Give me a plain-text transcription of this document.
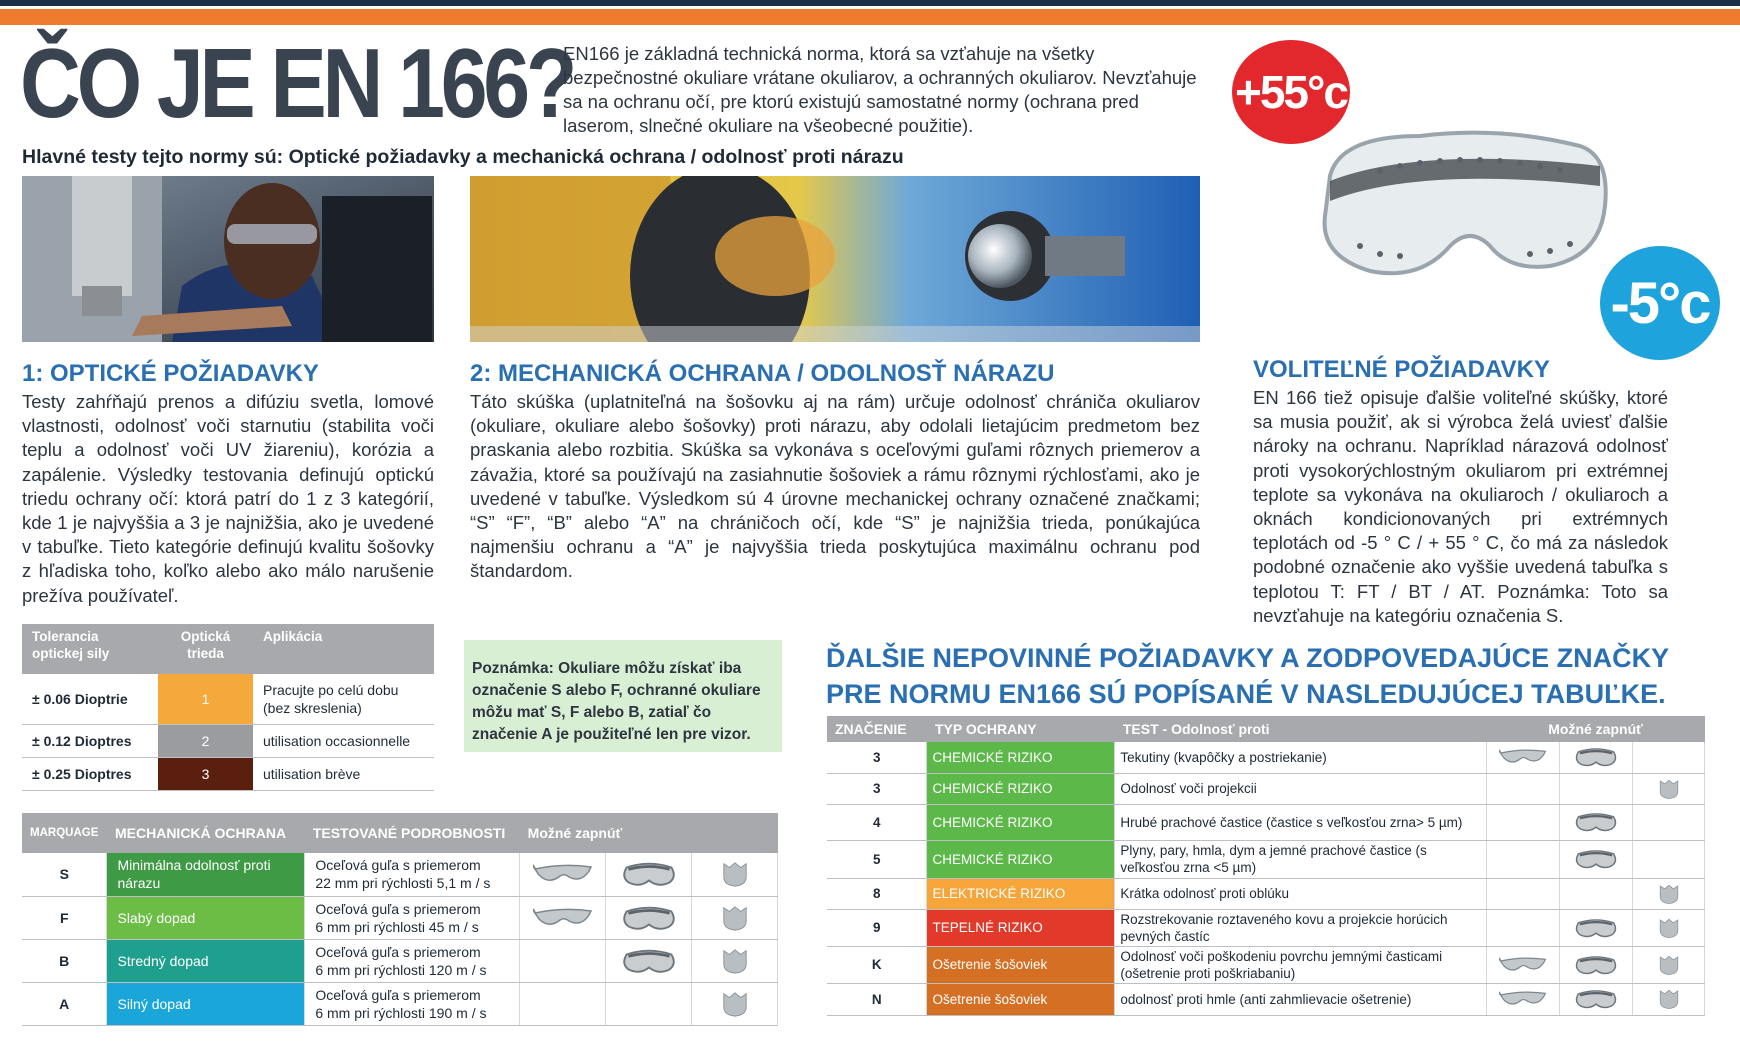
ČO JE EN 166?
EN166 je základná technická norma, ktorá sa vzťahuje na všetky bezpečnostné okuliare vrátane okuliarov, a ochranných okuliarov. Nevzťahuje sa na ochranu očí, pre ktorú existujú samostatné normy (ochrana pred laserom, slnečné okuliare na všeobecné použitie).
Hlavné testy tejto normy sú: Optické požiadavky a mechanická ochrana / odolnosť proti nárazu
+55°c
-5°c
1: OPTICKÉ POŽIADAVKY
Testy zahŕňajú prenos a difúziu svetla, lomové vlastnosti, odolnosť voči starnutiu (stabilita voči teplu a odolnosť voči UV žiareniu), korózia a zapálenie. Výsledky testovania definujú optickú triedu ochrany očí: ktorá patrí do 1 z 3 kategórií, kde 1 je najvyššia a 3 je najnižšia, ako je uvedené v tabuľke. Tieto kategórie definujú kvalitu šošovky z hľadiska toho, koľko alebo ako málo narušenie prežíva používateľ.
2: MECHANICKÁ OCHRANA / ODOLNOSŤ NÁRAZU
Táto skúška (uplatniteľná na šošovku aj na rám) určuje odolnosť chrániča okuliarov (okuliare, okuliare alebo šošovky) proti nárazu, aby odolali lietajúcim predmetom bez praskania alebo rozbitia. Skúška sa vykonáva s oceľovými guľami rôznych priemerov a závažia, ktoré sa používajú na zasiahnutie šošoviek a rámu rôznymi rýchlosťami, ako je uvedené v tabuľke. Výsledkom sú 4 úrovne mechanickej ochrany označené značkami; “S” “F”, “B” alebo “A” na chráničoch očí, kde “S” je najnižšia trieda, ponúkajúca najmenšiu ochranu a “A” je najvyššia trieda poskytujúca maximálnu ochranu pod štandardom.
VOLITEĽNÉ POŽIADAVKY
EN 166 tiež opisuje ďalšie voliteľné skúšky, ktoré sa musia použiť, ak si výrobca želá uviesť ďalšie nároky na ochranu. Napríklad nárazová odolnosť proti vysokorýchlostným okuliarom pri extrémnej teplote sa vykonáva na okuliaroch / okuliaroch a oknách kondicionovaných pri extrémnych teplotách od -5 ° C / + 55 ° C, čo má za následok podobné označenie ako vyššie uvedená tabuľka s teplotou T: FT / BT / AT. Poznámka: Toto sa nevzťahuje na kategóriu označenia S.
Tolerancia optickej sily	Optická trieda	Aplikácia
± 0.06 Dioptrie	1	Pracujte po celú dobu (bez skreslenia)
± 0.12 Dioptres	2	utilisation occasionnelle
± 0.25 Dioptres	3	utilisation brève
Poznámka: Okuliare môžu získať iba označenie S alebo F, ochranné okuliare môžu mať S, F alebo B, zatiaľ čo značenie A je použiteľné len pre vizor.
MARQUAGE	MECHANICKÁ OCHRANA	TESTOVANÉ PODROBNOSTI	Možné zapnúť		
S	Minimálna odolnosť proti nárazu	Oceľová guľa s priemerom
22 mm pri rýchlosti 5,1 m / s

F	Slabý dopad	Oceľová guľa s priemerom
6 mm pri rýchlosti 45 m / s

B	Stredný dopad	Oceľová guľa s priemerom
6 mm pri rýchlosti 120 m / s

A	Silný dopad	Oceľová guľa s priemerom
6 mm pri rýchlosti 190 m / s

ĎALŠIE NEPOVINNÉ POŽIADAVKY A ZODPOVEDAJÚCE ZNAČKY PRE NORMU EN166 SÚ POPÍSANÉ V NASLEDUJÚCEJ TABUĽKE.
ZNAČENIE	TYP OCHRANY	TEST - Odolnosť proti	Možné zapnúť		
3	CHEMICKÉ RIZIKO	Tekutiny (kvapôčky a postriekanie)			
3	CHEMICKÉ RIZIKO	Odolnosť voči projekcii			
4	CHEMICKÉ RIZIKO	Hrubé prachové častice (častice s veľkosťou zrna> 5 µm)			
5	CHEMICKÉ RIZIKO	Plyny, pary, hmla, dym a jemné prachové častice (s veľkosťou zrna <5 µm)			
8	ELEKTRICKÉ RIZIKO	Krátka odolnosť proti oblúku			
9	TEPELNÉ RIZIKO	Rozstrekovanie roztaveného kovu a projekcie horúcich pevných častíc			
K	Ošetrenie šošoviek	Odolnosť voči poškodeniu povrchu jemnými časticami (ošetrenie proti poškriabaniu)			
N	Ošetrenie šošoviek	odolnosť proti hmle (anti zahmlievacie ošetrenie)			
